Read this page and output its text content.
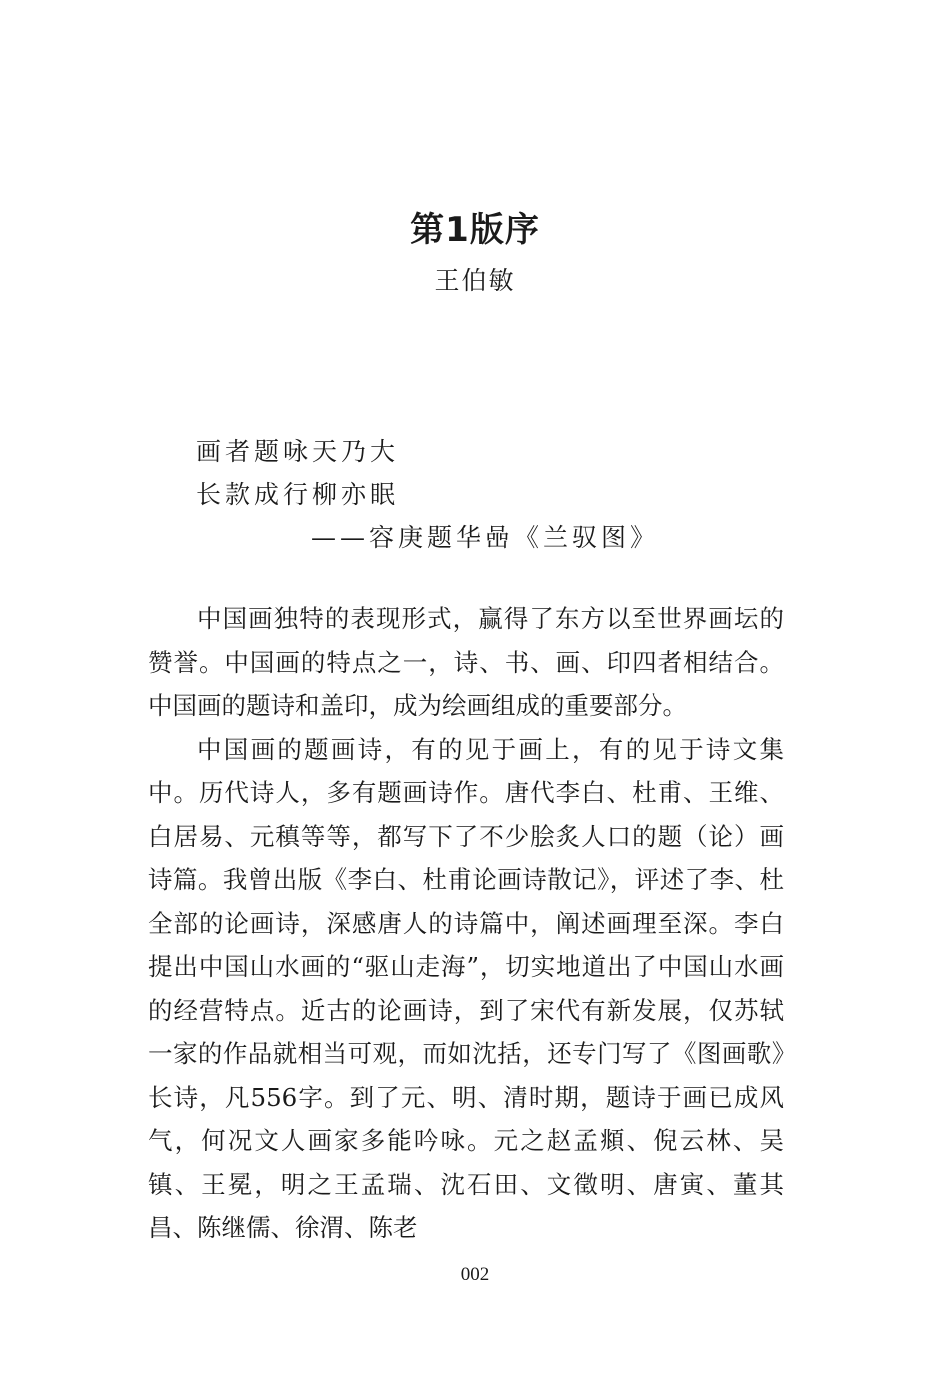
第1版序
王伯敏
画者题咏天乃大
长款成行柳亦眠
——容庚题华喦《兰驭图》

中国画独特的表现形式，赢得了东方以至世界画坛的赞誉。中国画的特点之一，诗、书、画、印四者相结合。中国画的题诗和盖印，成为绘画组成的重要部分。

中国画的题画诗，有的见于画上，有的见于诗文集中。历代诗人，多有题画诗作。唐代李白、杜甫、王维、白居易、元稹等等，都写下了不少脍炙人口的题（论）画诗篇。我曾出版《李白、杜甫论画诗散记》，评述了李、杜全部的论画诗，深感唐人的诗篇中，阐述画理至深。李白提出中国山水画的“驱山走海”，切实地道出了中国山水画的经营特点。近古的论画诗，到了宋代有新发展，仅苏轼一家的作品就相当可观，而如沈括，还专门写了《图画歌》长诗，凡556字。到了元、明、清时期，题诗于画已成风气，何况文人画家多能吟咏。元之赵孟頫、倪云林、吴镇、王冕，明之王孟瑞、沈石田、文徵明、唐寅、董其昌、陈继儒、徐渭、陈老

002
